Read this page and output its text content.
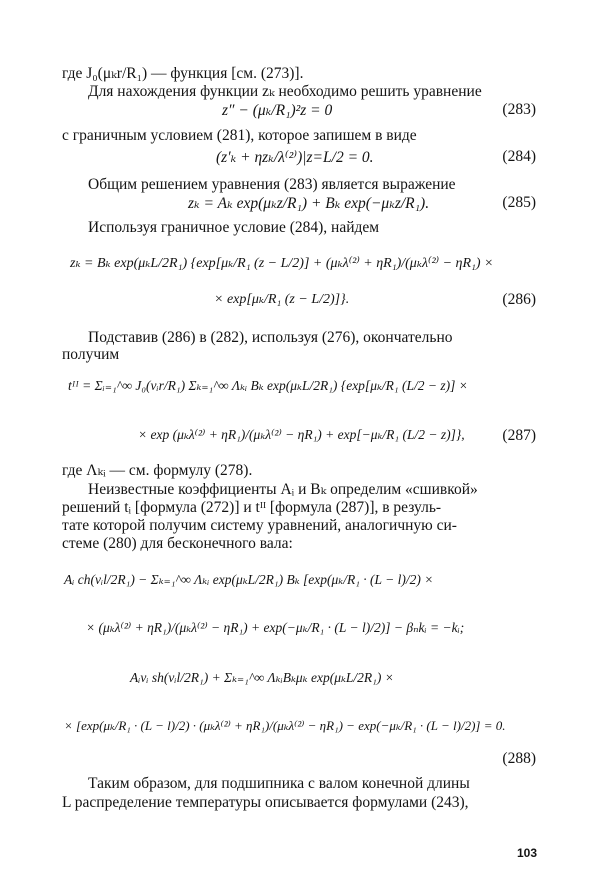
где J₀(μₖr/R₁) — функция [см. (273)].
Для нахождения функции zₖ необходимо решить уравнение
z″ − (μₖ/R₁)²z = 0	(283)
с граничным условием (281), которое запишем в виде
(z′ₖ + ηzₖ/λ⁽²⁾)|z=L/2 = 0.	(284)
Общим решением уравнения (283) является выражение
zₖ = Aₖ exp(μₖz/R₁) + Bₖ exp(−μₖz/R₁).	(285)
Используя граничное условие (284), найдем
zₖ = Bₖ exp(μₖL/2R₁) {exp[μₖ/R₁ (z − L/2)] + (μₖλ⁽²⁾ + ηR₁)/(μₖλ⁽²⁾ − ηR₁) ×
× exp[μₖ/R₁ (z − L/2)]}.	(286)
Подставив (286) в (282), используя (276), окончательно
получим
tᴵᴵ = Σᵢ₌₁^∞ J₀(νᵢr/R₁) Σₖ₌₁^∞ Λₖᵢ Bₖ exp(μₖL/2R₁) {exp[μₖ/R₁ (L/2 − z)] ×
× exp (μₖλ⁽²⁾ + ηR₁)/(μₖλ⁽²⁾ − ηR₁) + exp[−μₖ/R₁ (L/2 − z)]}, (287)
где Λₖᵢ — см. формулу (278).
Неизвестные коэффициенты Aᵢ и Bₖ определим «сшивкой»
решений tᵢ [формула (272)] и tᴵᴵ [формула (287)], в резуль-
тате которой получим систему уравнений, аналогичную си-
стеме (280) для бесконечного вала:
Aᵢ ch(νᵢl/2R₁) − Σₖ₌₁^∞ Λₖᵢ exp(μₖL/2R₁) Bₖ [exp(μₖ/R₁ · (L − l)/2) ×
× (μₖλ⁽²⁾ + ηR₁)/(μₖλ⁽²⁾ − ηR₁) + exp(−μₖ/R₁ · (L − l)/2)] − βₙkᵢ = −kᵢ;
Aᵢνᵢ sh(νᵢl/2R₁) + Σₖ₌₁^∞ ΛₖᵢBₖμₖ exp(μₖL/2R₁) ×
× [exp(μₖ/R₁ · (L − l)/2) · (μₖλ⁽²⁾ + ηR₁)/(μₖλ⁽²⁾ − ηR₁) − exp(−μₖ/R₁ · (L − l)/2)] = 0.
(288)
Таким образом, для подшипника с валом конечной длины
L распределение температуры описывается формулами (243),
103
